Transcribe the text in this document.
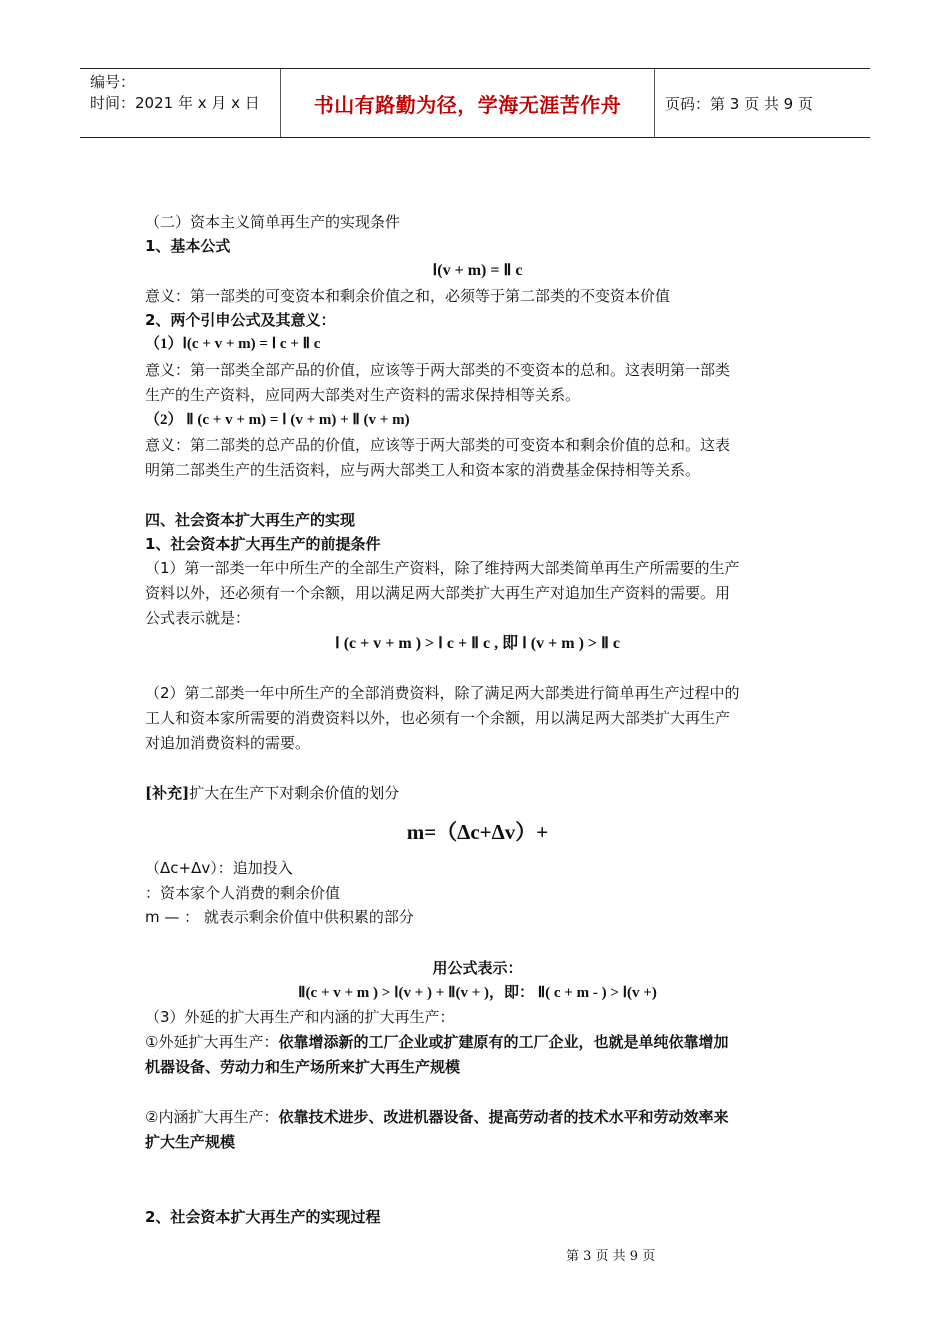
编号：
时间：2021 年 x 月 x 日	书山有路勤为径，学海无涯苦作舟	页码：第 3 页 共 9 页
（二）资本主义简单再生产的实现条件
1、基本公式
Ⅰ(v + m) = Ⅱ c
意义：第一部类的可变资本和剩余价值之和，必须等于第二部类的不变资本价值
2、两个引申公式及其意义：
（1）Ⅰ(c + v + m) = Ⅰ c + Ⅱ c
意义：第一部类全部产品的价值，应该等于两大部类的不变资本的总和。这表明第一部类
生产的生产资料，应同两大部类对生产资料的需求保持相等关系。
（2） Ⅱ (c + v + m) = Ⅰ (v + m) + Ⅱ (v + m)
意义：第二部类的总产品的价值，应该等于两大部类的可变资本和剩余价值的总和。这表
明第二部类生产的生活资料，应与两大部类工人和资本家的消费基金保持相等关系。
四、社会资本扩大再生产的实现
1、社会资本扩大再生产的前提条件
（1）第一部类一年中所生产的全部生产资料，除了维持两大部类简单再生产所需要的生产
资料以外，还必须有一个余额，用以满足两大部类扩大再生产对追加生产资料的需要。用
公式表示就是：
Ⅰ (c + v + m ) > Ⅰ c + Ⅱ c , 即 Ⅰ (v + m ) > Ⅱ c
（2）第二部类一年中所生产的全部消费资料，除了满足两大部类进行简单再生产过程中的
工人和资本家所需要的消费资料以外，也必须有一个余额，用以满足两大部类扩大再生产
对追加消费资料的需要。
[补充]扩大在生产下对剩余价值的划分
m=（Δc+Δv）+
（Δc+Δv）：追加投入
：资本家个人消费的剩余价值
m — ： 就表示剩余价值中供积累的部分
用公式表示：
Ⅱ(c + v + m ) > Ⅰ(v + ) + Ⅱ(v + )，即： Ⅱ( c + m - ) > Ⅰ(v +)
（3）外延的扩大再生产和内涵的扩大再生产：
①外延扩大再生产：依靠增添新的工厂企业或扩建原有的工厂企业，也就是单纯依靠增加
机器设备、劳动力和生产场所来扩大再生产规模
②内涵扩大再生产：依靠技术进步、改进机器设备、提高劳动者的技术水平和劳动效率来
扩大生产规模
2、社会资本扩大再生产的实现过程
第 3 页 共 9 页
